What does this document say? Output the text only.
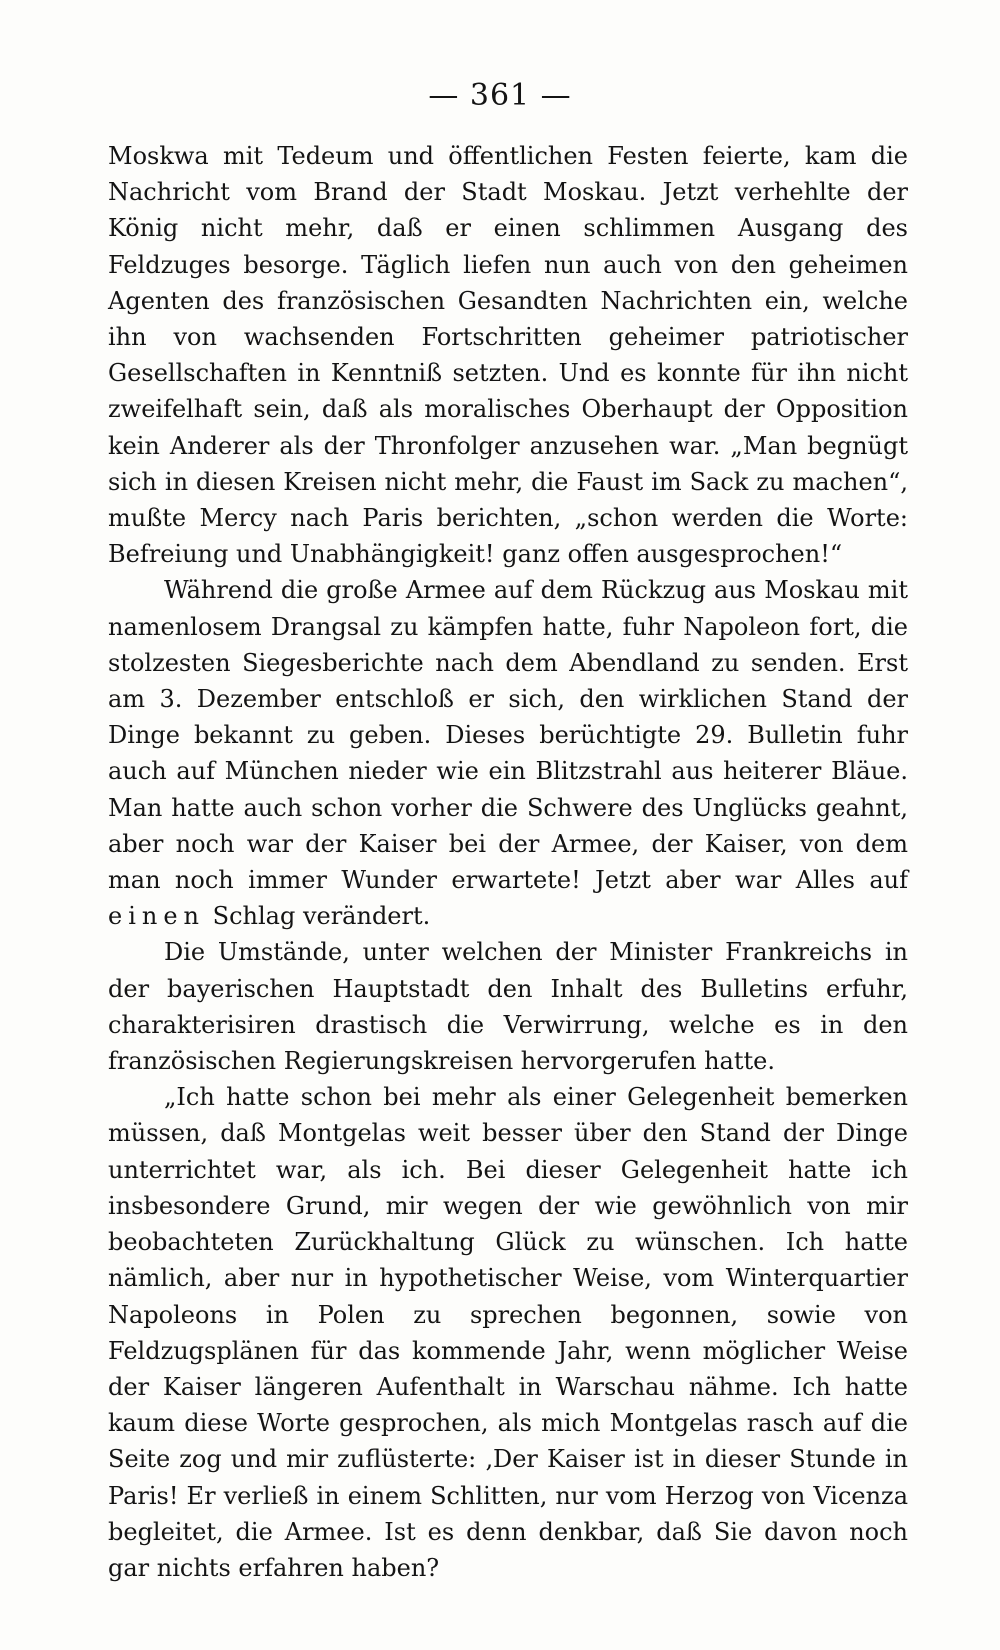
— 361 —

Moskwa mit Tedeum und öffentlichen Festen feierte, kam die Nachricht vom Brand der Stadt Moskau. Jetzt verhehlte der König nicht mehr, daß er einen schlimmen Ausgang des Feldzuges besorge. Täglich liefen nun auch von den geheimen Agenten des französischen Gesandten Nachrichten ein, welche ihn von wachsenden Fortschritten geheimer patriotischer Gesellschaften in Kenntniß setzten. Und es konnte für ihn nicht zweifelhaft sein, daß als moralisches Oberhaupt der Opposition kein Anderer als der Thronfolger anzusehen war. „Man begnügt sich in diesen Kreisen nicht mehr, die Faust im Sack zu machen“, mußte Mercy nach Paris berichten, „schon werden die Worte: Befreiung und Unabhängigkeit! ganz offen ausgesprochen!“

Während die große Armee auf dem Rückzug aus Moskau mit namenlosem Drangsal zu kämpfen hatte, fuhr Napoleon fort, die stolzesten Siegesberichte nach dem Abendland zu senden. Erst am 3. Dezember entschloß er sich, den wirklichen Stand der Dinge bekannt zu geben. Dieses berüchtigte 29. Bulletin fuhr auch auf München nieder wie ein Blitzstrahl aus heiterer Bläue. Man hatte auch schon vorher die Schwere des Unglücks geahnt, aber noch war der Kaiser bei der Armee, der Kaiser, von dem man noch immer Wunder erwartete! Jetzt aber war Alles auf einen Schlag verändert.

Die Umstände, unter welchen der Minister Frankreichs in der bayerischen Hauptstadt den Inhalt des Bulletins erfuhr, charakterisiren drastisch die Verwirrung, welche es in den französischen Regierungskreisen hervorgerufen hatte.

„Ich hatte schon bei mehr als einer Gelegenheit bemerken müssen, daß Montgelas weit besser über den Stand der Dinge unterrichtet war, als ich. Bei dieser Gelegenheit hatte ich insbesondere Grund, mir wegen der wie gewöhnlich von mir beobachteten Zurückhaltung Glück zu wünschen. Ich hatte nämlich, aber nur in hypothetischer Weise, vom Winterquartier Napoleons in Polen zu sprechen begonnen, sowie von Feldzugsplänen für das kommende Jahr, wenn möglicher Weise der Kaiser längeren Aufenthalt in Warschau nähme. Ich hatte kaum diese Worte gesprochen, als mich Montgelas rasch auf die Seite zog und mir zuflüsterte: ‚Der Kaiser ist in dieser Stunde in Paris! Er verließ in einem Schlitten, nur vom Herzog von Vicenza begleitet, die Armee. Ist es denn denkbar, daß Sie davon noch gar nichts erfahren haben?
